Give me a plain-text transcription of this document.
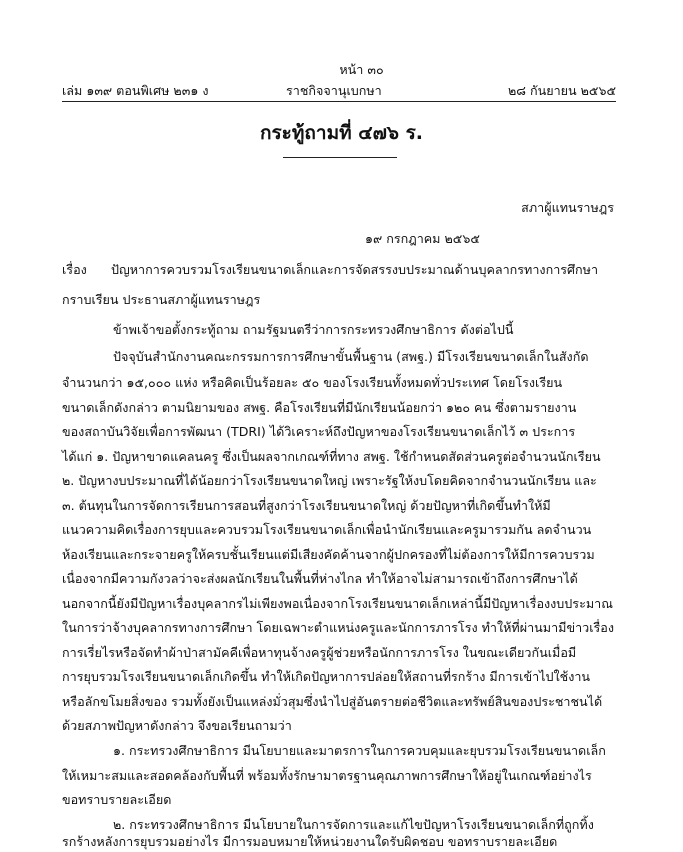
หน้า ๓๐
เล่ม ๑๓๙ ตอนพิเศษ ๒๓๑ ง	ราชกิจจานุเบกษา	๒๘ กันยายน ๒๕๖๕
กระทู้ถามที่ ๔๗๖ ร.
สภาผู้แทนราษฎร
๑๙ กรกฎาคม ๒๕๖๕
เรื่อง ปัญหาการควบรวมโรงเรียนขนาดเล็กและการจัดสรรงบประมาณด้านบุคลากรทางการศึกษา
กราบเรียน ประธานสภาผู้แทนราษฎร
ข้าพเจ้าขอตั้งกระทู้ถาม ถามรัฐมนตรีว่าการกระทรวงศึกษาธิการ ดังต่อไปนี้
ปัจจุบันสำนักงานคณะกรรมการการศึกษาขั้นพื้นฐาน (สพฐ.) มีโรงเรียนขนาดเล็กในสังกัด
จำนวนกว่า ๑๕,๐๐๐ แห่ง หรือคิดเป็นร้อยละ ๕๐ ของโรงเรียนทั้งหมดทั่วประเทศ โดยโรงเรียน
ขนาดเล็กดังกล่าว ตามนิยามของ สพฐ. คือโรงเรียนที่มีนักเรียนน้อยกว่า ๑๒๐ คน ซึ่งตามรายงาน
ของสถาบันวิจัยเพื่อการพัฒนา (TDRI) ได้วิเคราะห์ถึงปัญหาของโรงเรียนขนาดเล็กไว้ ๓ ประการ
ได้แก่ ๑. ปัญหาขาดแคลนครู ซึ่งเป็นผลจากเกณฑ์ที่ทาง สพฐ. ใช้กำหนดสัดส่วนครูต่อจำนวนนักเรียน
๒. ปัญหางบประมาณที่ได้น้อยกว่าโรงเรียนขนาดใหญ่ เพราะรัฐให้งบโดยคิดจากจำนวนนักเรียน และ
๓. ต้นทุนในการจัดการเรียนการสอนที่สูงกว่าโรงเรียนขนาดใหญ่ ด้วยปัญหาที่เกิดขึ้นทำให้มี
แนวความคิดเรื่องการยุบและควบรวมโรงเรียนขนาดเล็กเพื่อนำนักเรียนและครูมารวมกัน ลดจำนวน
ห้องเรียนและกระจายครูให้ครบชั้นเรียนแต่มีเสียงคัดค้านจากผู้ปกครองที่ไม่ต้องการให้มีการควบรวม
เนื่องจากมีความกังวลว่าจะส่งผลนักเรียนในพื้นที่ห่างไกล ทำให้อาจไม่สามารถเข้าถึงการศึกษาได้
นอกจากนี้ยังมีปัญหาเรื่องบุคลากรไม่เพียงพอเนื่องจากโรงเรียนขนาดเล็กเหล่านี้มีปัญหาเรื่องงบประมาณ
ในการว่าจ้างบุคลากรทางการศึกษา โดยเฉพาะตำแหน่งครูและนักการภารโรง ทำให้ที่ผ่านมามีข่าวเรื่อง
การเรี่ยไรหรือจัดทำผ้าป่าสามัคคีเพื่อหาทุนจ้างครูผู้ช่วยหรือนักการภารโรง ในขณะเดียวกันเมื่อมี
การยุบรวมโรงเรียนขนาดเล็กเกิดขึ้น ทำให้เกิดปัญหาการปล่อยให้สถานที่รกร้าง มีการเข้าไปใช้งาน
หรือลักขโมยสิ่งของ รวมทั้งยังเป็นแหล่งมั่วสุมซึ่งนำไปสู่อันตรายต่อชีวิตและทรัพย์สินของประชาชนได้
ด้วยสภาพปัญหาดังกล่าว จึงขอเรียนถามว่า
๑. กระทรวงศึกษาธิการ มีนโยบายและมาตรการในการควบคุมและยุบรวมโรงเรียนขนาดเล็ก
ให้เหมาะสมและสอดคล้องกับพื้นที่ พร้อมทั้งรักษามาตรฐานคุณภาพการศึกษาให้อยู่ในเกณฑ์อย่างไร
ขอทราบรายละเอียด
๒. กระทรวงศึกษาธิการ มีนโยบายในการจัดการและแก้ไขปัญหาโรงเรียนขนาดเล็กที่ถูกทิ้ง
รกร้างหลังการยุบรวมอย่างไร มีการมอบหมายให้หน่วยงานใดรับผิดชอบ ขอทราบรายละเอียด
